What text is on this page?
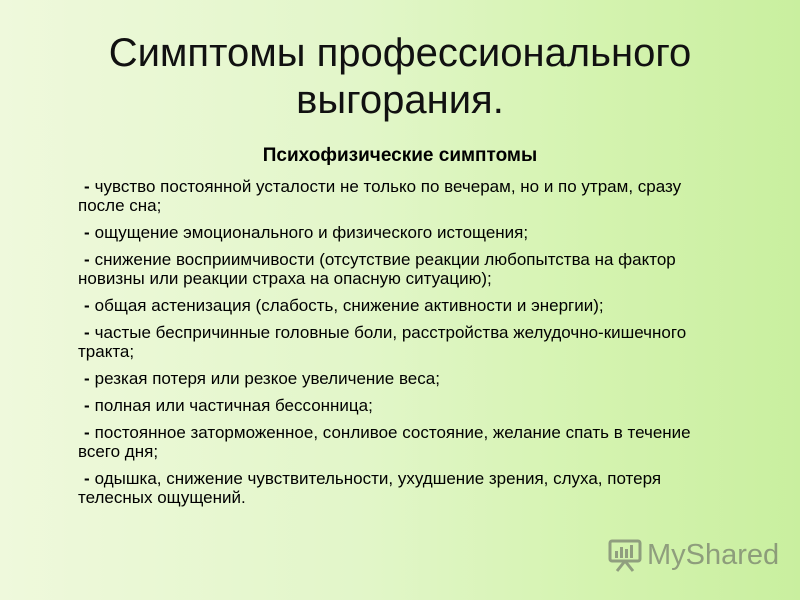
Симптомы профессионального
выгорания.
Психофизические симптомы
- чувство постоянной усталости не только по вечерам, но и по утрам, сразу после сна;
- ощущение эмоционального и физического истощения;
- снижение восприимчивости (отсутствие реакции любопытства на фактор новизны или реакции страха на опасную ситуацию);
- общая астенизация (слабость, снижение активности и энергии);
- частые беспричинные головные боли, расстройства желудочно-кишечного тракта;
- резкая потеря или резкое увеличение веса;
- полная или частичная бессонница;
- постоянное заторможенное, сонливое состояние, желание спать в течение всего дня;
- одышка, снижение чувствительности, ухудшение зрения, слуха, потеря телесных ощущений.
MyShared
